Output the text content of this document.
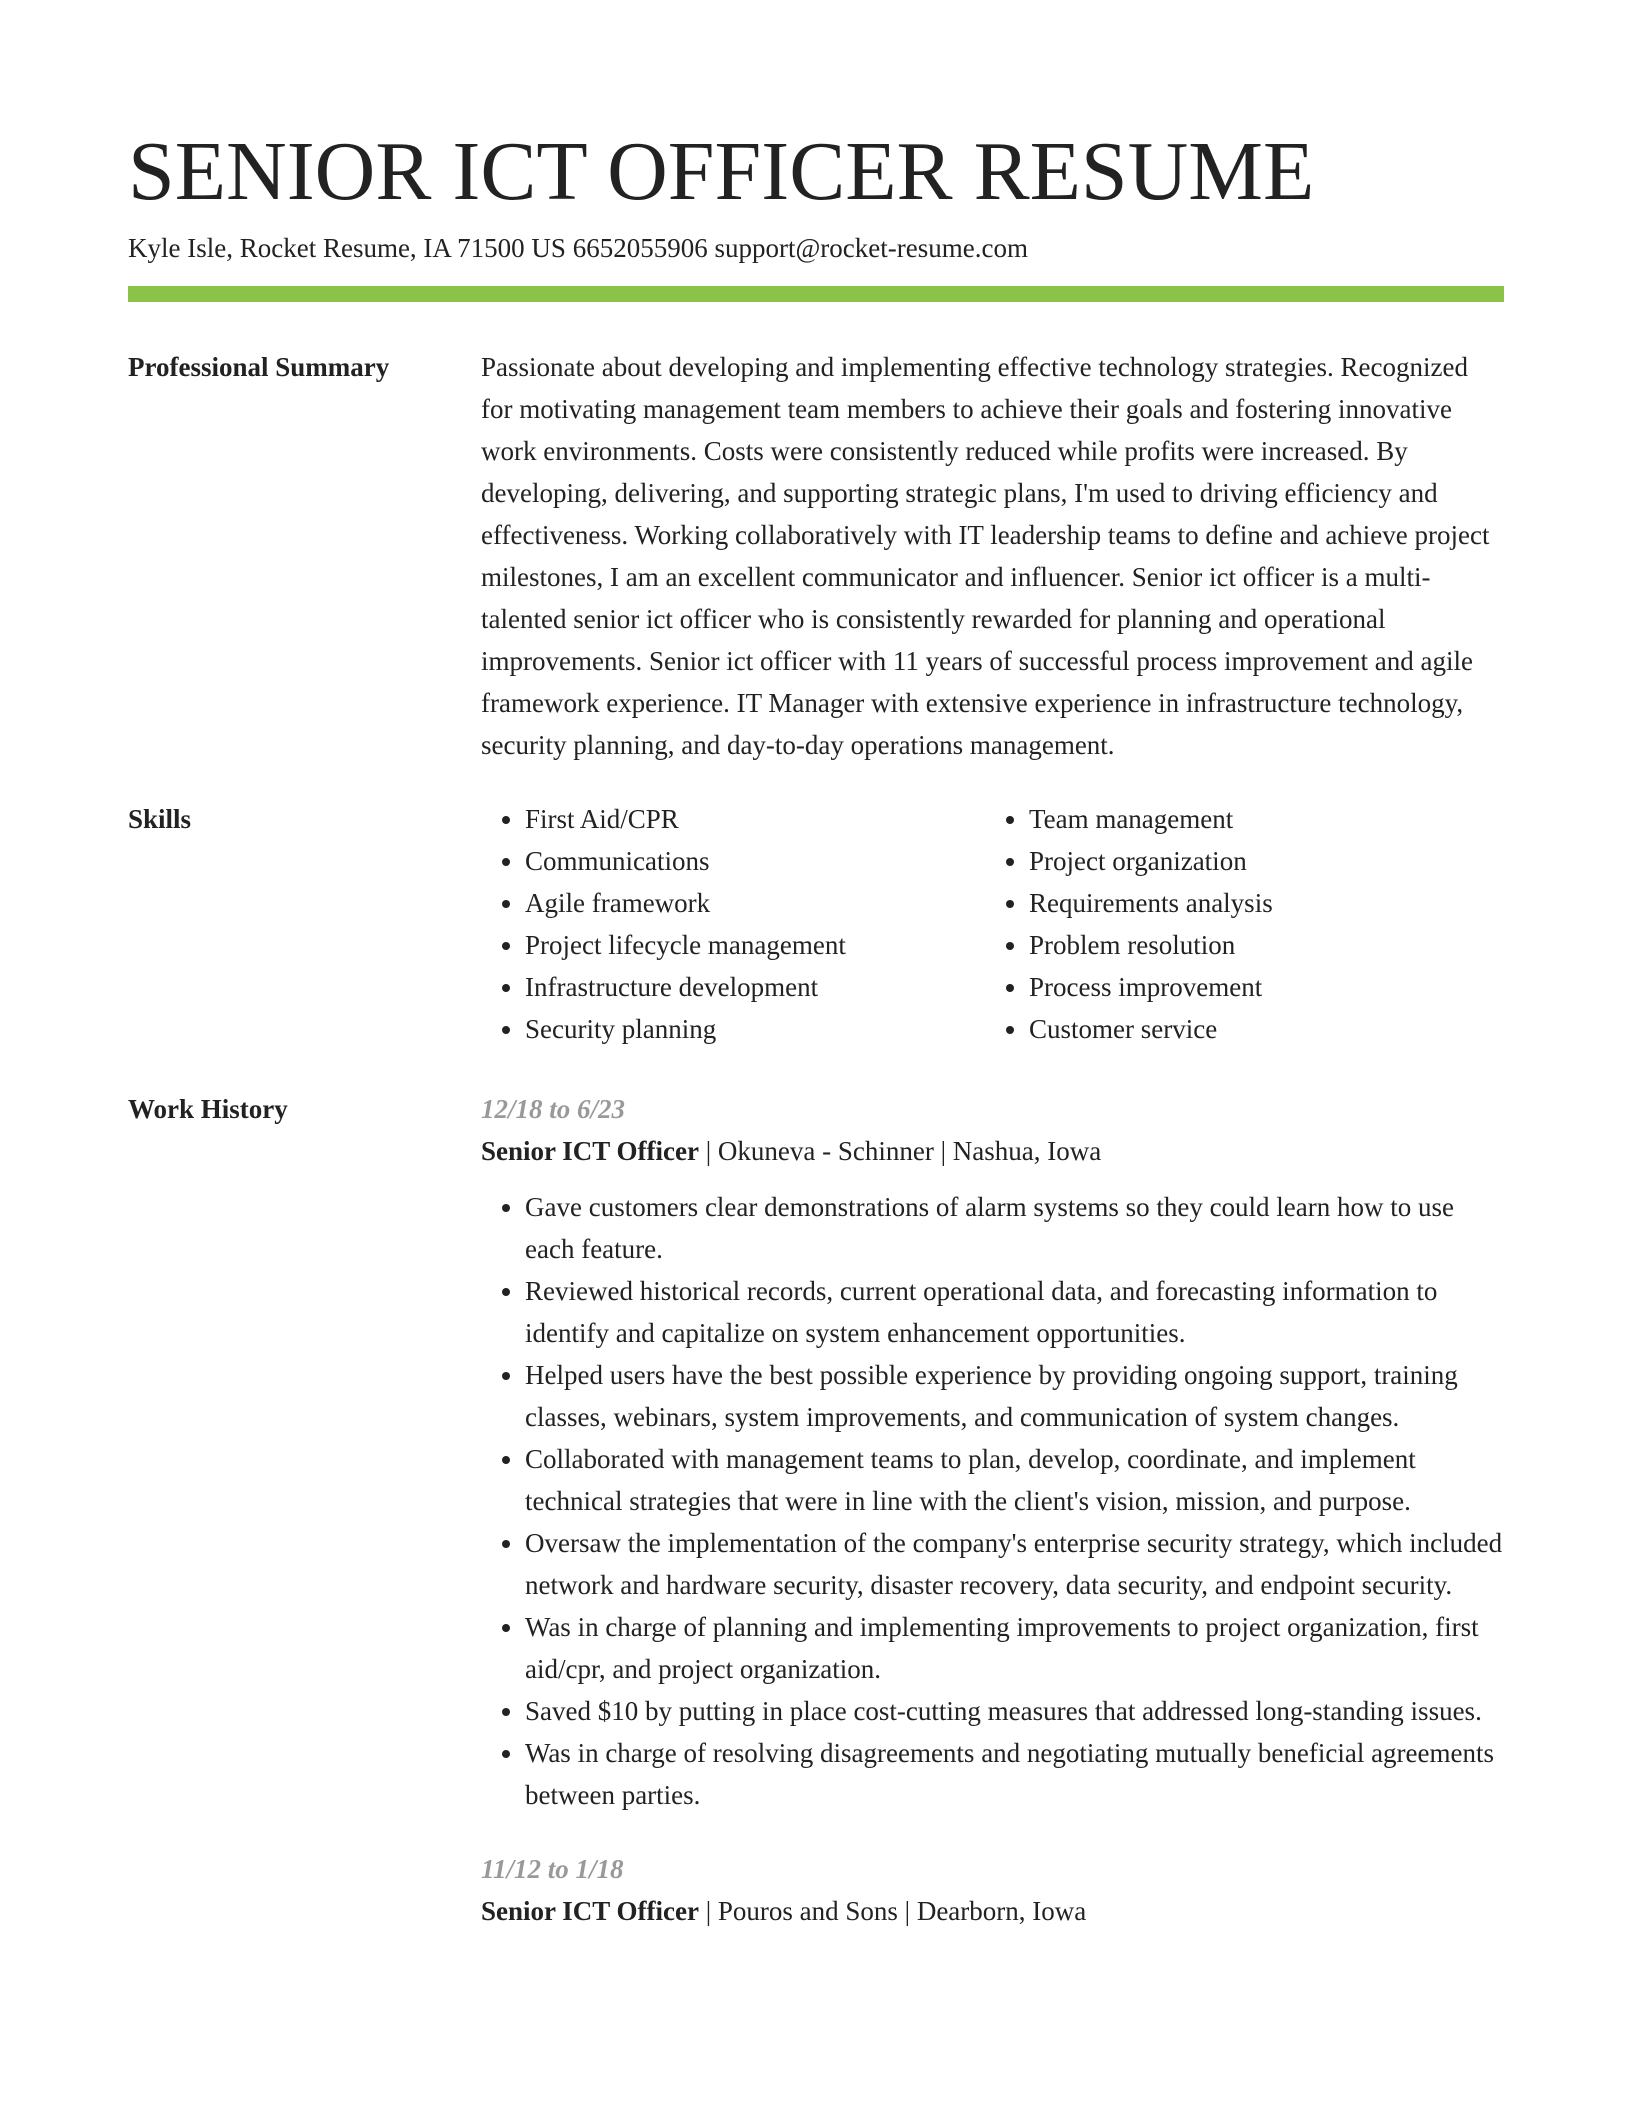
SENIOR ICT OFFICER RESUME
Kyle Isle, Rocket Resume, IA 71500 US 6652055906 support@rocket-resume.com
Professional Summary	Passionate about developing and implementing effective technology strategies. Recognized for motivating management team members to achieve their goals and fostering innovative work environments. Costs were consistently reduced while profits were increased. By developing, delivering, and supporting strategic plans, I'm used to driving efficiency and effectiveness. Working collaboratively with IT leadership teams to define and achieve project milestones, I am an excellent communicator and influencer. Senior ict officer is a multi-talented senior ict officer who is consistently rewarded for planning and operational improvements. Senior ict officer with 11 years of successful process improvement and agile framework experience. IT Manager with extensive experience in infrastructure technology, security planning, and day-to-day operations management.

Skills
•	First Aid/CPR
• Communications
• Agile framework
• Project lifecycle management
• Infrastructure development
• Security planning
• Team management
• Project organization
• Requirements analysis
• Problem resolution
• Process improvement
• Customer service
Work History	12/18 to 6/23
Senior ICT Officer | Okuneva - Schinner | Nashua, Iowa
• Gave customers clear demonstrations of alarm systems so they could learn how to use each feature.
• Reviewed historical records, current operational data, and forecasting information to identify and capitalize on system enhancement opportunities.
• Helped users have the best possible experience by providing ongoing support, training classes, webinars, system improvements, and communication of system changes.
• Collaborated with management teams to plan, develop, coordinate, and implement technical strategies that were in line with the client's vision, mission, and purpose.
• Oversaw the implementation of the company's enterprise security strategy, which included network and hardware security, disaster recovery, data security, and endpoint security.
• Was in charge of planning and implementing improvements to project organization, first aid/cpr, and project organization.
• Saved $10 by putting in place cost-cutting measures that addressed long-standing issues.
• Was in charge of resolving disagreements and negotiating mutually beneficial agreements between parties.
11/12 to 1/18
Senior ICT Officer | Pouros and Sons | Dearborn, Iowa
